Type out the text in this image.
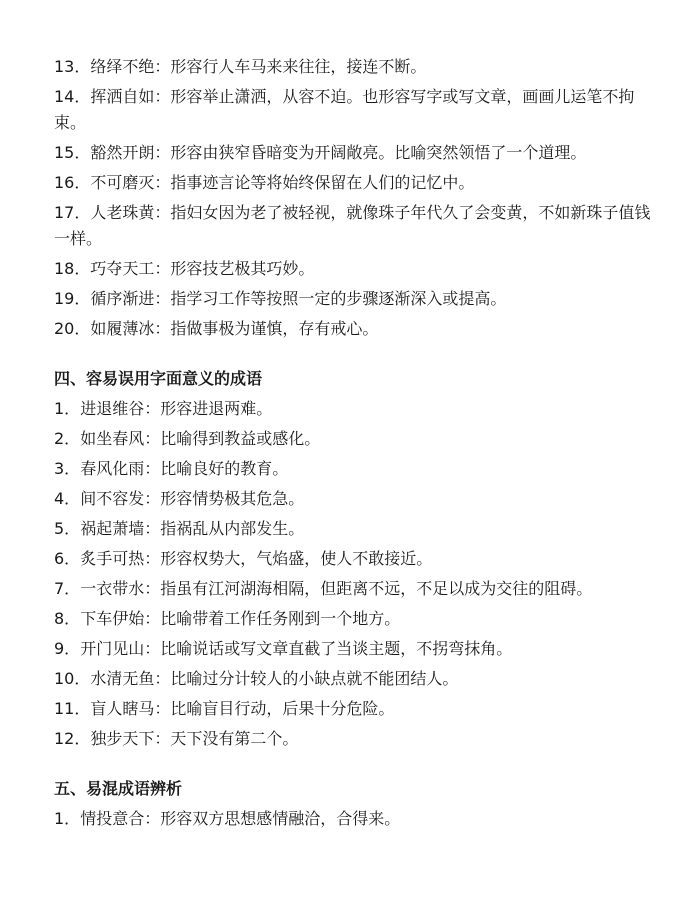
13．络绎不绝：形容行人车马来来往往，接连不断。
14．挥洒自如：形容举止潇洒，从容不迫。也形容写字或写文章，画画儿运笔不拘束。
15．豁然开朗：形容由狭窄昏暗变为开阔敞亮。比喻突然领悟了一个道理。
16．不可磨灭：指事迹言论等将始终保留在人们的记忆中。
17．人老珠黄：指妇女因为老了被轻视，就像珠子年代久了会变黄，不如新珠子值钱一样。
18．巧夺天工：形容技艺极其巧妙。
19．循序渐进：指学习工作等按照一定的步骤逐渐深入或提高。
20．如履薄冰：指做事极为谨慎，存有戒心。
四、容易误用字面意义的成语
1．进退维谷：形容进退两难。
2．如坐春风：比喻得到教益或感化。
3．春风化雨：比喻良好的教育。
4．间不容发：形容情势极其危急。
5．祸起萧墙：指祸乱从内部发生。
6．炙手可热：形容权势大，气焰盛，使人不敢接近。
7．一衣带水：指虽有江河湖海相隔，但距离不远，不足以成为交往的阻碍。
8．下车伊始：比喻带着工作任务刚到一个地方。
9．开门见山：比喻说话或写文章直截了当谈主题，不拐弯抹角。
10．水清无鱼：比喻过分计较人的小缺点就不能团结人。
11．盲人瞎马：比喻盲目行动，后果十分危险。
12．独步天下：天下没有第二个。
五、易混成语辨析
1．情投意合：形容双方思想感情融洽，合得来。
